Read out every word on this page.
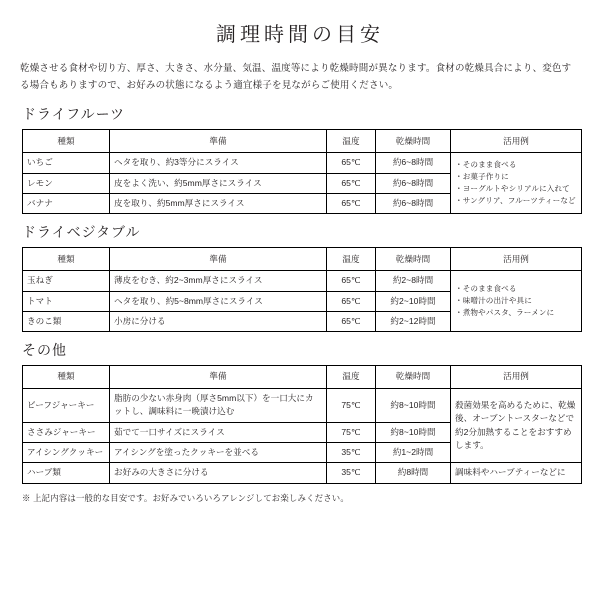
調理時間の目安

乾燥させる食材や切り方、厚さ、大きさ、水分量、気温、温度等により乾燥時間が異なります。食材の乾燥具合により、変色する場合もありますので、お好みの状態になるよう適宜様子を見ながらご使用ください。

ドライフルーツ
種類	準備	温度	乾燥時間	活用例
いちご	ヘタを取り、約3等分にスライス	65℃	約6~8時間	・そのまま食べる
・お菓子作りに
・ヨーグルトやシリアルに入れて
・サングリア、フルーツティーなど

レモン	皮をよく洗い、約5mm厚さにスライス	65℃	約6~8時間	
バナナ	皮を取り、約5mm厚さにスライス	65℃	約6~8時間	
ドライベジタブル
種類	準備	温度	乾燥時間	活用例
玉ねぎ	薄皮をむき、約2~3mm厚さにスライス	65℃	約2~8時間	・そのまま食べる
・味噌汁の出汁や具に
・煮物やパスタ、ラーメンに

トマト	ヘタを取り、約5~8mm厚さにスライス	65℃	約2~10時間	
きのこ類	小房に分ける	65℃	約2~12時間	
その他
種類	準備	温度	乾燥時間	活用例
ビーフジャーキー	脂肪の少ない赤身肉（厚さ5mm以下）を一口大にカットし、調味料に一晩漬け込む	75℃	約8~10時間	殺菌効果を高めるために、乾燥後、オーブントースターなどで約2分加熱することをおすすめします。
ささみジャーキー	茹でて一口サイズにスライス	75℃	約8~10時間	
アイシングクッキー	アイシングを塗ったクッキーを並べる	35℃	約1~2時間	
ハーブ類	お好みの大きさに分ける	35℃	約8時間	調味料やハーブティーなどに

※ 上記内容は一般的な目安です。お好みでいろいろアレンジしてお楽しみください。
